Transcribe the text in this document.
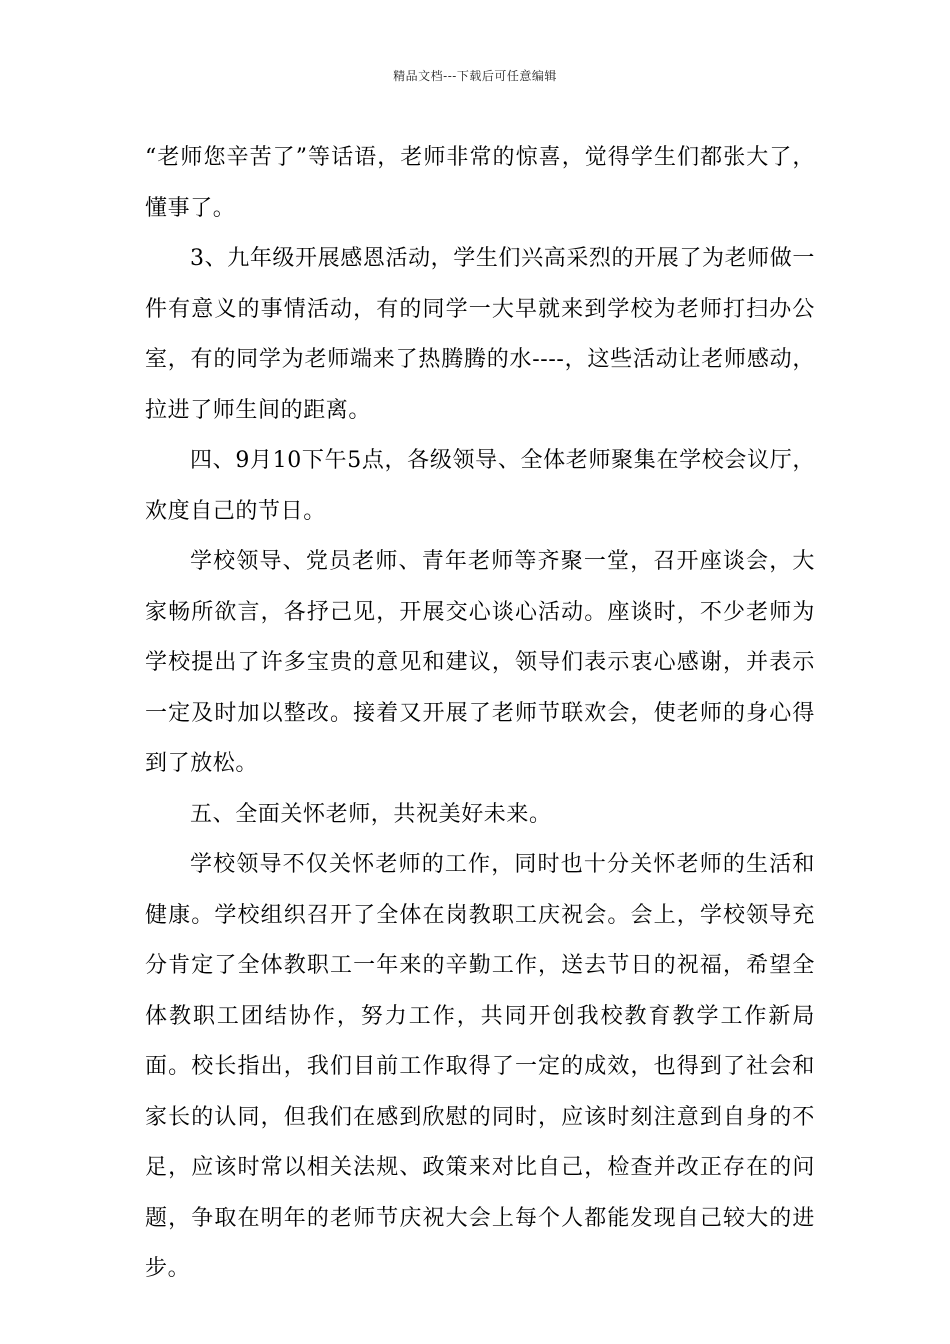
精品文档---下载后可任意编辑

“老师您辛苦了”等话语，老师非常的惊喜，觉得学生们都张大了，懂事了。

3、九年级开展感恩活动，学生们兴高采烈的开展了为老师做一件有意义的事情活动，有的同学一大早就来到学校为老师打扫办公室，有的同学为老师端来了热腾腾的水----，这些活动让老师感动，拉进了师生间的距离。

四、9月10下午5点，各级领导、全体老师聚集在学校会议厅，欢度自己的节日。

学校领导、党员老师、青年老师等齐聚一堂，召开座谈会，大家畅所欲言，各抒己见，开展交心谈心活动。座谈时，不少老师为学校提出了许多宝贵的意见和建议，领导们表示衷心感谢，并表示一定及时加以整改。接着又开展了老师节联欢会，使老师的身心得到了放松。

五、全面关怀老师，共祝美好未来。

学校领导不仅关怀老师的工作，同时也十分关怀老师的生活和健康。学校组织召开了全体在岗教职工庆祝会。会上，学校领导充分肯定了全体教职工一年来的辛勤工作，送去节日的祝福，希望全体教职工团结协作，努力工作，共同开创我校教育教学工作新局面。校长指出，我们目前工作取得了一定的成效，也得到了社会和家长的认同，但我们在感到欣慰的同时，应该时刻注意到自身的不足，应该时常以相关法规、政策来对比自己，检查并改正存在的问题，争取在明年的老师节庆祝大会上每个人都能发现自己较大的进步。
